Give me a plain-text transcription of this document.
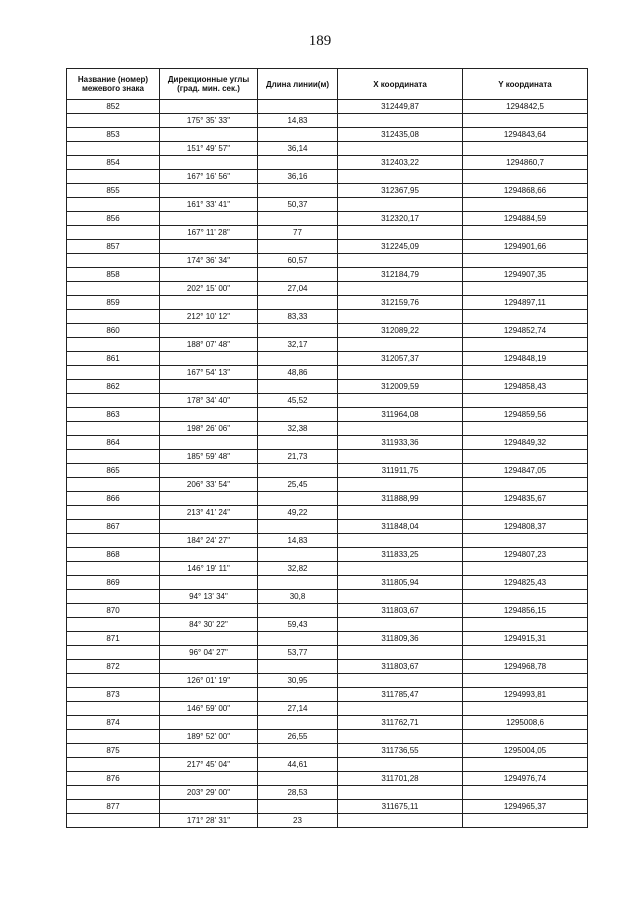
189
Название (номер) межевого знака	Дирекционные углы (град. мин. сек.)	Длина линии(м)	X координата	Y координата
852			312449,87	1294842,5
	175° 35' 33"	14,83		
853			312435,08	1294843,64
	151° 49' 57"	36,14		
854			312403,22	1294860,7
	167° 16' 56"	36,16		
855			312367,95	1294868,66
	161° 33' 41"	50,37		
856			312320,17	1294884,59
	167° 11' 28"	77		
857			312245,09	1294901,66
	174° 36' 34"	60,57		
858			312184,79	1294907,35
	202° 15' 00"	27,04		
859			312159,76	1294897,11
	212° 10' 12"	83,33		
860			312089,22	1294852,74
	188° 07' 48"	32,17		
861			312057,37	1294848,19
	167° 54' 13"	48,86		
862			312009,59	1294858,43
	178° 34' 40"	45,52		
863			311964,08	1294859,56
	198° 26' 06"	32,38		
864			311933,36	1294849,32
	185° 59' 48"	21,73		
865			311911,75	1294847,05
	206° 33' 54"	25,45		
866			311888,99	1294835,67
	213° 41' 24"	49,22		
867			311848,04	1294808,37
	184° 24' 27"	14,83		
868			311833,25	1294807,23
	146° 19' 11"	32,82		
869			311805,94	1294825,43
	94° 13' 34"	30,8		
870			311803,67	1294856,15
	84° 30' 22"	59,43		
871			311809,36	1294915,31
	96° 04' 27"	53,77		
872			311803,67	1294968,78
	126° 01' 19"	30,95		
873			311785,47	1294993,81
	146° 59' 00"	27,14		
874			311762,71	1295008,6
	189° 52' 00"	26,55		
875			311736,55	1295004,05
	217° 45' 04"	44,61		
876			311701,28	1294976,74
	203° 29' 00"	28,53		
877			311675,11	1294965,37
	171° 28' 31"	23		
